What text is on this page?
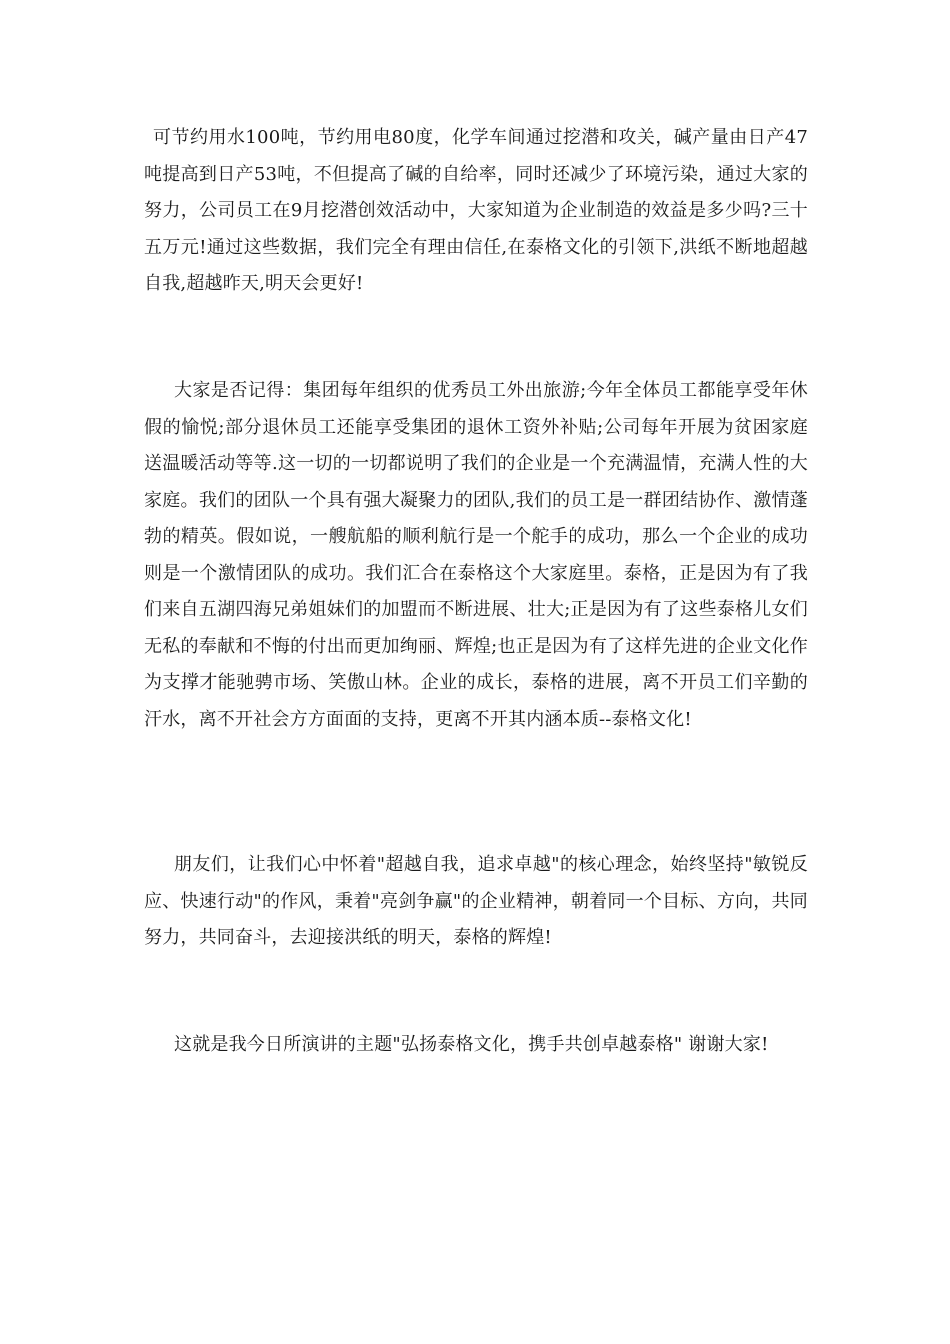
可节约用水100吨，节约用电80度，化学车间通过挖潜和攻关，碱产量由日产47吨提高到日产53吨，不但提高了碱的自给率，同时还减少了环境污染，通过大家的努力，公司员工在9月挖潜创效活动中，大家知道为企业制造的效益是多少吗?三十五万元!通过这些数据，我们完全有理由信任,在泰格文化的引领下,洪纸不断地超越自我,超越昨天,明天会更好!

大家是否记得：集团每年组织的优秀员工外出旅游;今年全体员工都能享受年休假的愉悦;部分退休员工还能享受集团的退休工资外补贴;公司每年开展为贫困家庭送温暖活动等等.这一切的一切都说明了我们的企业是一个充满温情，充满人性的大家庭。我们的团队一个具有强大凝聚力的团队,我们的员工是一群团结协作、激情蓬勃的精英。假如说，一艘航船的顺利航行是一个舵手的成功，那么一个企业的成功则是一个激情团队的成功。我们汇合在泰格这个大家庭里。泰格，正是因为有了我们来自五湖四海兄弟姐妹们的加盟而不断进展、壮大;正是因为有了这些泰格儿女们无私的奉献和不悔的付出而更加绚丽、辉煌;也正是因为有了这样先进的企业文化作为支撑才能驰骋市场、笑傲山林。企业的成长，泰格的进展，离不开员工们辛勤的汗水，离不开社会方方面面的支持，更离不开其内涵本质--泰格文化!

朋友们，让我们心中怀着"超越自我，追求卓越"的核心理念，始终坚持"敏锐反应、快速行动"的作风，秉着"亮剑争赢"的企业精神，朝着同一个目标、方向，共同努力，共同奋斗，去迎接洪纸的明天，泰格的辉煌!

这就是我今日所演讲的主题"弘扬泰格文化，携手共创卓越泰格" 谢谢大家!
